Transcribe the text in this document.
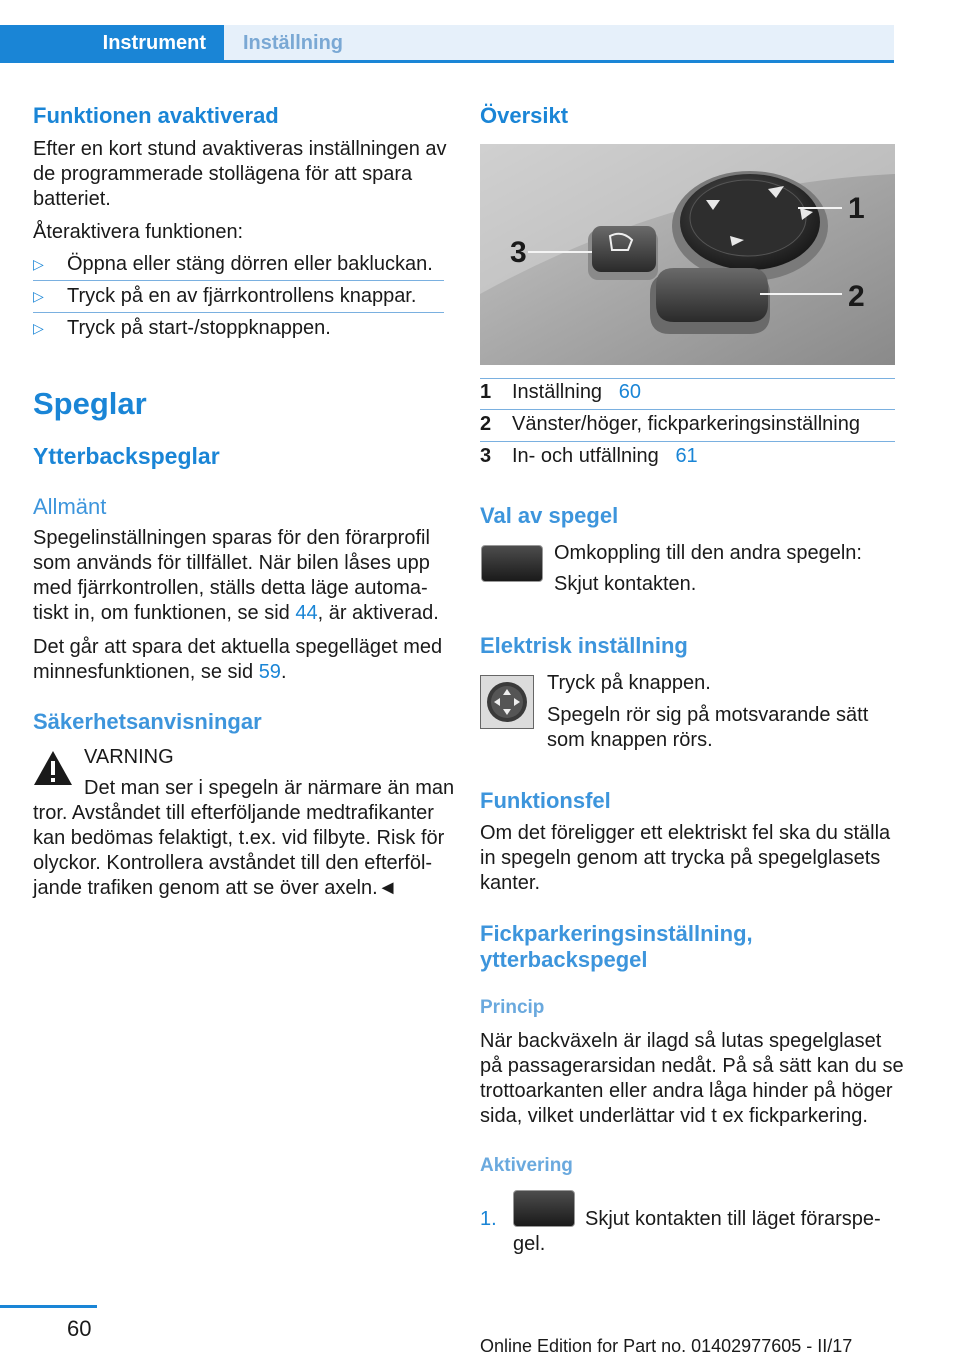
Instrument	Inställning
Funktionen avaktiverad

Efter en kort stund avaktiveras inställningen av

de programmerade stollägena för att spara

batteriet.

Återaktivera funktionen:
▷ Öppna eller stäng dörren eller bakluckan.
▷ Tryck på en av fjärrkontrollens knappar.
▷ Tryck på start-/stoppknappen.
Speglar
Ytterbackspeglar
Allmänt

Spegelinställningen sparas för den förarprofil

som används för tillfället. När bilen låses upp

med fjärrkontrollen, ställs detta läge automa-

tiskt in, om funktionen, se sid 44, är aktiverad.

Det går att spara det aktuella spegelläget med

minnesfunktionen, se sid 59.

Säkerhetsanvisningar
VARNING
Det man ser i spegeln är närmare än man

tror. Avståndet till efterföljande medtrafikanter

kan bedömas felaktigt, t.ex. vid filbyte. Risk för

olyckor. Kontrollera avståndet till den efterföl-

jande trafiken genom att se över axeln.◄

Översikt
3
1
2
1 Inställning 60
2 Vänster/höger, fickparkeringsinställning
3 In- och utfällning 61
Val av spegel

Omkoppling till den andra spegeln:

Skjut kontakten.

Elektrisk inställning

Tryck på knappen.

Spegeln rör sig på motsvarande sätt

som knappen rörs.

Funktionsfel

Om det föreligger ett elektriskt fel ska du ställa

in spegeln genom att trycka på spegelglasets

kanter.

Fickparkeringsinställning,

ytterbackspegel

Princip

När backväxeln är ilagd så lutas spegelglaset

på passagerarsidan nedåt. På så sätt kan du se

trottoarkanten eller andra låga hinder på höger

sida, vilket underlättar vid t ex fickparkering.

Aktivering
1.	Skjut kontakten till läget förarspe-
gel.
60
Online Edition for Part no. 01402977605 - II/17
